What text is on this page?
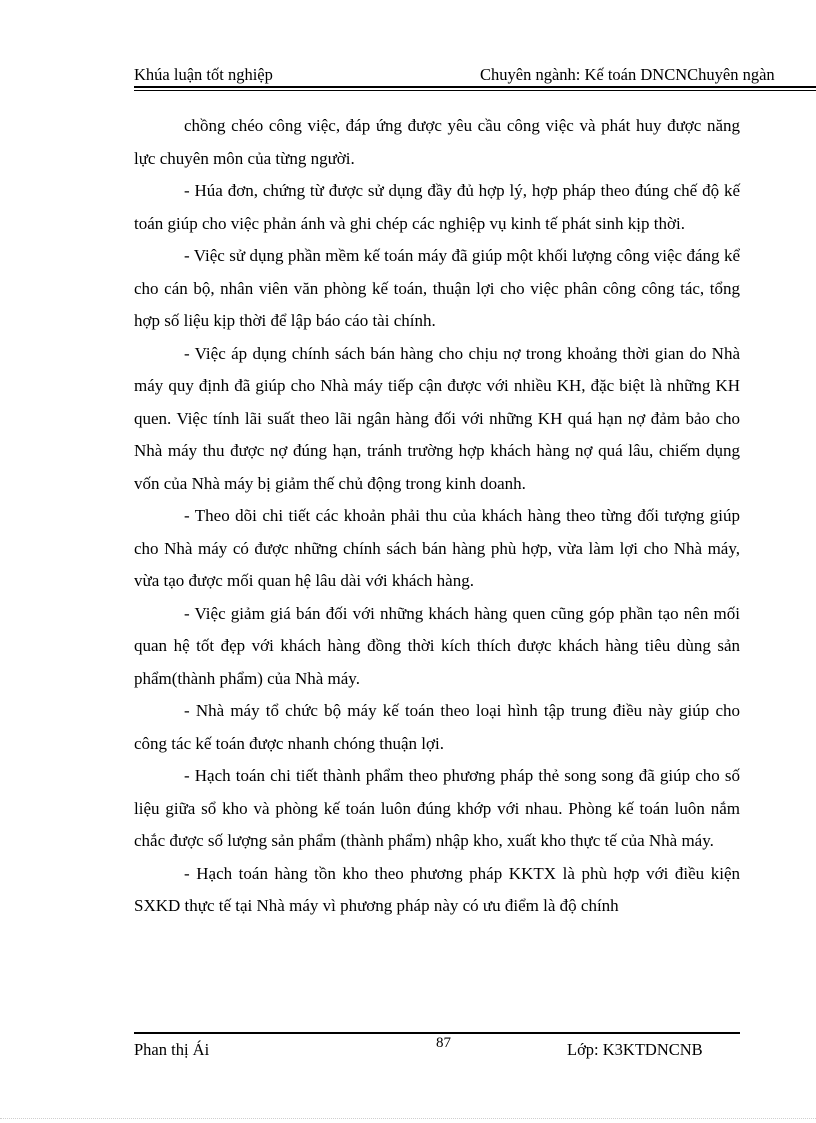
Khúa luận tốt nghiệp	Chuyên ngành: Kế toán DNCNChuyên ngàn

chồng chéo công việc, đáp ứng được yêu cầu công việc và phát huy được năng lực chuyên môn của từng người.

- Húa đơn, chứng từ được sử dụng đầy đủ hợp lý, hợp pháp theo đúng chế độ kế toán giúp cho việc phản ánh và ghi chép các nghiệp vụ kinh tế phát sinh kịp thời.

- Việc sử dụng phần mềm kế toán máy đã giúp một khối lượng công việc đáng kể cho cán bộ, nhân viên văn phòng kế toán, thuận lợi cho việc phân công công tác, tổng hợp số liệu kịp thời để lập báo cáo tài chính.

- Việc áp dụng chính sách bán hàng cho chịu nợ trong khoảng thời gian do Nhà máy quy định đã giúp cho Nhà máy tiếp cận được với nhiều KH, đặc biệt là những KH quen. Việc tính lãi suất theo lãi ngân hàng đối với những KH quá hạn nợ đảm bảo cho Nhà máy thu được nợ đúng hạn, tránh trường hợp khách hàng nợ quá lâu, chiếm dụng vốn của Nhà máy bị giảm thế chủ động trong kinh doanh.

- Theo dõi chi tiết các khoản phải thu của khách hàng theo từng đối tượng giúp cho Nhà máy có được những chính sách bán hàng phù hợp, vừa làm lợi cho Nhà máy, vừa tạo được mối quan hệ lâu dài với khách hàng.

- Việc giảm giá bán đối với những khách hàng quen cũng góp phần tạo nên mối quan hệ tốt đẹp với khách hàng đồng thời kích thích được khách hàng tiêu dùng sản phẩm(thành phẩm) của Nhà máy.

- Nhà máy tổ chức bộ máy kế toán theo loại hình tập trung điều này giúp cho công tác kế toán được nhanh chóng thuận lợi.

- Hạch toán chi tiết thành phẩm theo phương pháp thẻ song song đã giúp cho số liệu giữa sổ kho và phòng kế toán luôn đúng khớp với nhau. Phòng kế toán luôn nắm chắc được số lượng sản phẩm (thành phẩm) nhập kho, xuất kho thực tế của Nhà máy.

- Hạch toán hàng tồn kho theo phương pháp KKTX là phù hợp với điều kiện SXKD thực tế tại Nhà máy vì phương pháp này có ưu điểm là độ chính

Phan thị Ái	87	Lớp: K3KTDNCNB
